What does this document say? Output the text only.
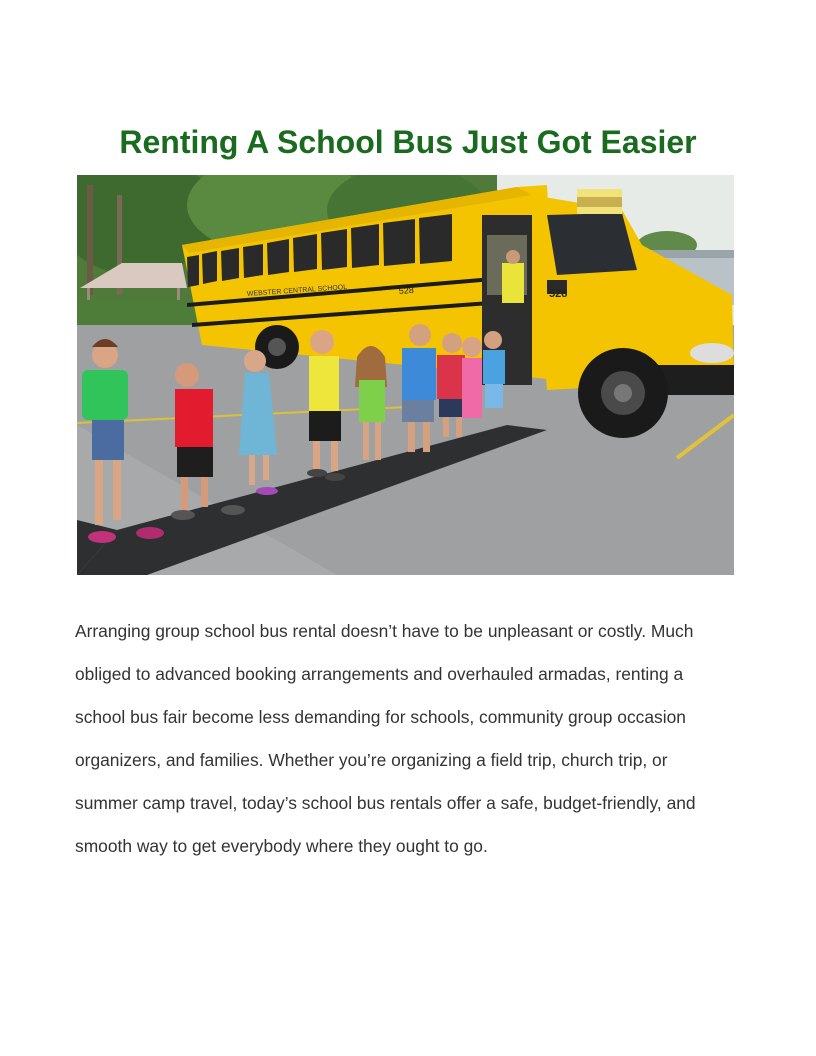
Renting A School Bus Just Got Easier
WEBSTER CENTRAL SCHOOL	528	528

Arranging group school bus rental doesn’t have to be unpleasant or costly. Much
obliged to advanced booking arrangements and overhauled armadas, renting a
school bus fair become less demanding for schools, community group occasion
organizers, and families. Whether you’re organizing a field trip, church trip, or
summer camp travel, today’s school bus rentals offer a safe, budget-friendly, and
smooth way to get everybody where they ought to go.
